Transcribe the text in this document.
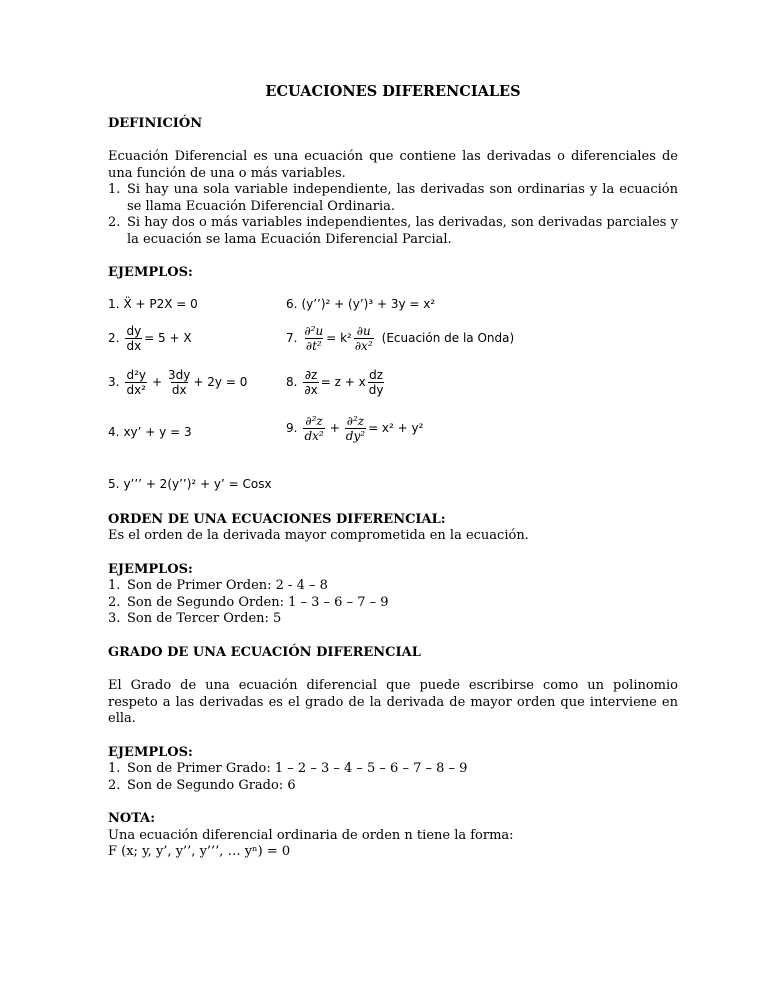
ECUACIONES DIFERENCIALES
DEFINICIÓN
Ecuación Diferencial es una ecuación que contiene las derivadas o diferenciales de una función de una o más variables.
1. Si hay una sola variable independiente, las derivadas son ordinarias y la ecuación se llama Ecuación Diferencial Ordinaria.
2. Si hay dos o más variables independientes, las derivadas, son derivadas parciales y la ecuación se lama Ecuación Diferencial Parcial.
EJEMPLOS:
1. Ẍ + P2X = 0
2. $\frac{dy}{dx} = 5 + X$
3. $\frac{\text{d²y}}{\text{dx²}} + \frac{3dy}{dx} + 2y = 0$
4. xy’ + y = 3
5. y’’’ + 2(y’’)² + y’ = Cosx
6. (y’’)² + (y’)³ + 3y = x²
7. $\frac{\text{∂²u}}{\text{∂t²}} = k^2 \frac{\partial u}{\text{∂x²}}$ (Ecuación de la Onda)
8. $\frac{\partial z}{\partial x} = z + x \frac{dz}{dy}$
9. $\frac{\text{∂²z}}{\text{dx²}} + \frac{\text{∂²z}}{\text{dy²}} = x^2 + y^2$
ORDEN DE UNA ECUACIONES DIFERENCIAL:
Es el orden de la derivada mayor comprometida en la ecuación.
EJEMPLOS:
1. Son de Primer Orden: 2 - 4 – 8
2. Son de Segundo Orden: 1 – 3 – 6 – 7 – 9
3. Son de Tercer Orden: 5
GRADO DE UNA ECUACIÓN DIFERENCIAL
El Grado de una ecuación diferencial que puede escribirse como un polinomio respeto a las derivadas es el grado de la derivada de mayor orden que interviene en ella.
EJEMPLOS:
1. Son de Primer Grado: 1 – 2 – 3 – 4 – 5 – 6 – 7 – 8 – 9
2. Son de Segundo Grado: 6
NOTA:
Una ecuación diferencial ordinaria de orden n tiene la forma:
F (x; y, y’, y’’, y’’’, … yⁿ) = 0
